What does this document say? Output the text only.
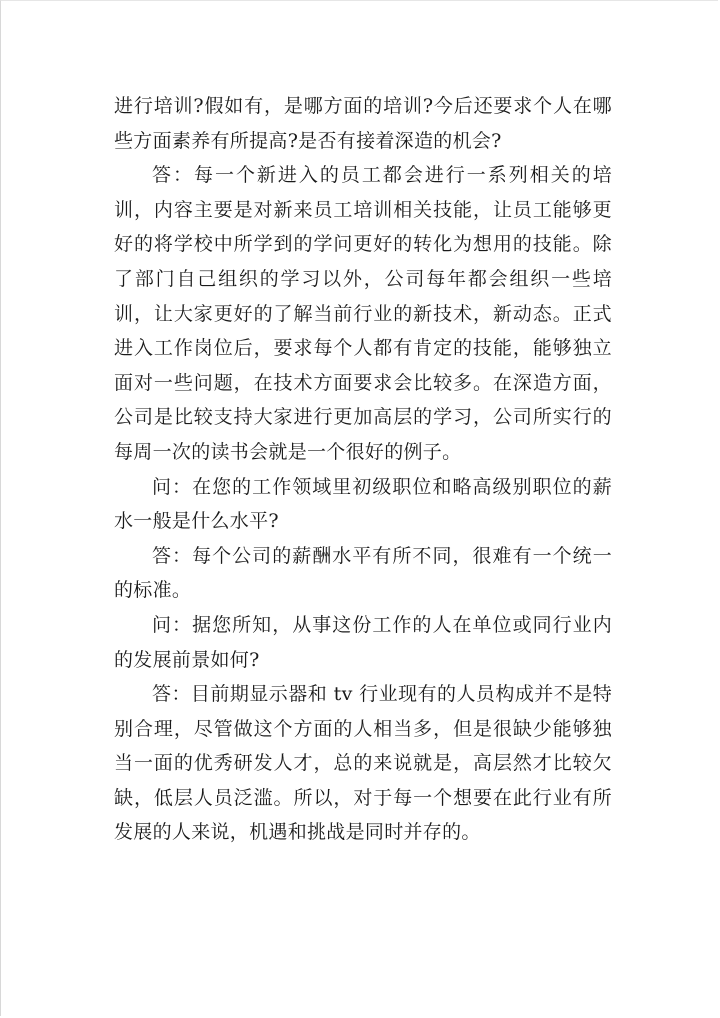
进行培训?假如有，是哪方面的培训?今后还要求个人在哪些方面素养有所提高?是否有接着深造的机会?

答：每一个新进入的员工都会进行一系列相关的培训，内容主要是对新来员工培训相关技能，让员工能够更好的将学校中所学到的学问更好的转化为想用的技能。除了部门自己组织的学习以外，公司每年都会组织一些培训，让大家更好的了解当前行业的新技术，新动态。正式进入工作岗位后，要求每个人都有肯定的技能，能够独立面对一些问题，在技术方面要求会比较多。在深造方面，公司是比较支持大家进行更加高层的学习，公司所实行的每周一次的读书会就是一个很好的例子。

问：在您的工作领域里初级职位和略高级别职位的薪水一般是什么水平?

答：每个公司的薪酬水平有所不同，很难有一个统一的标准。

问：据您所知，从事这份工作的人在单位或同行业内的发展前景如何?

答：目前期显示器和 tv 行业现有的人员构成并不是特别合理，尽管做这个方面的人相当多，但是很缺少能够独当一面的优秀研发人才，总的来说就是，高层然才比较欠缺，低层人员泛滥。所以，对于每一个想要在此行业有所发展的人来说，机遇和挑战是同时并存的。
